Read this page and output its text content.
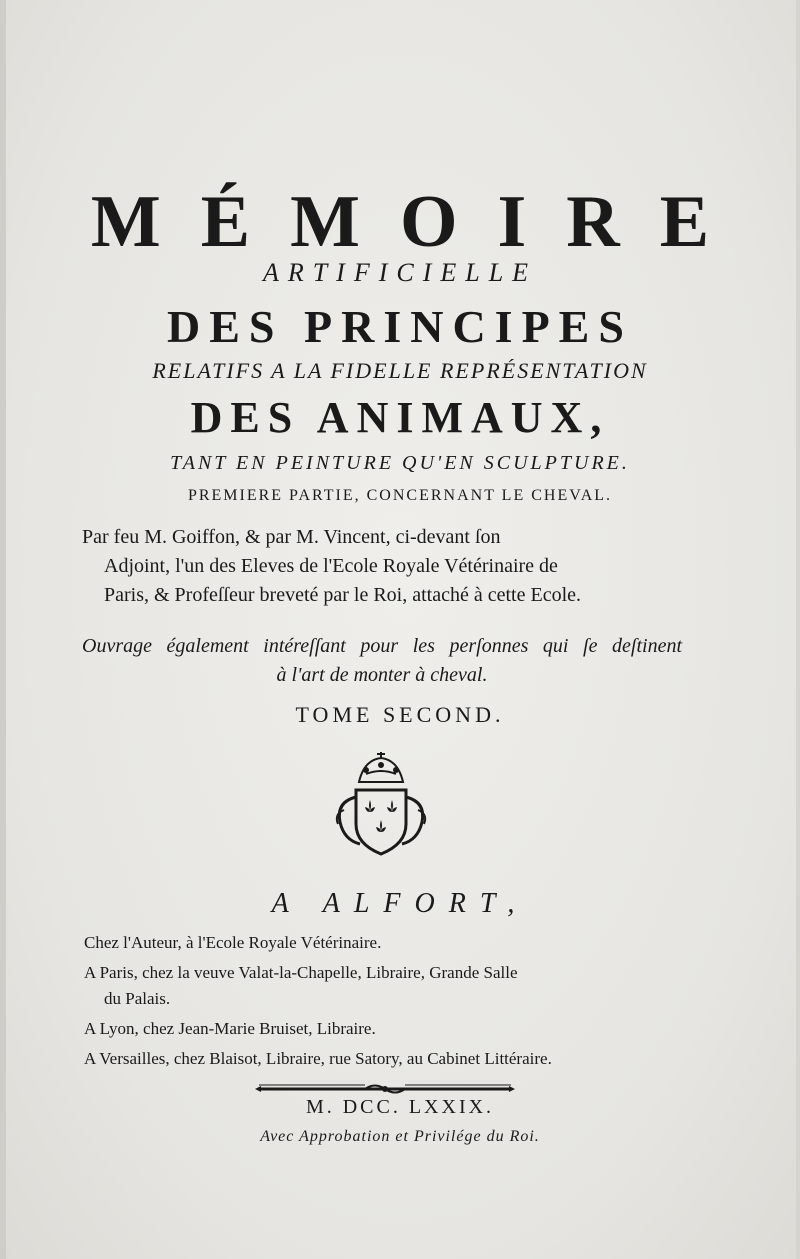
MÉMOIRE
ARTIFICIELLE
DES PRINCIPES
RELATIFS A LA FIDELLE REPRÉSENTATION
DES ANIMAUX,
TANT EN PEINTURE QU'EN SCULPTURE.
PREMIERE PARTIE, CONCERNANT LE CHEVAL.
Par feu M. Goiffon, & par M. Vincent, ci-devant ſon
Adjoint, l'un des Eleves de l'Ecole Royale Vétérinaire de
Paris, & Profeſſeur breveté par le Roi, attaché à cette Ecole.
Ouvrage également intéreſſant pour les perſonnes qui ſe deſtinent
à l'art de monter à cheval.
TOME SECOND.
A ALFORT,
Chez l'Auteur, à l'Ecole Royale Vétérinaire.
A Paris, chez la veuve Valat-la-Chapelle, Libraire, Grande Salle
du Palais.
A Lyon, chez Jean-Marie Bruiset, Libraire.
A Versailles, chez Blaisot, Libraire, rue Satory, au Cabinet Littéraire.
M. DCC. LXXIX.
Avec Approbation et Privilége du Roi.
